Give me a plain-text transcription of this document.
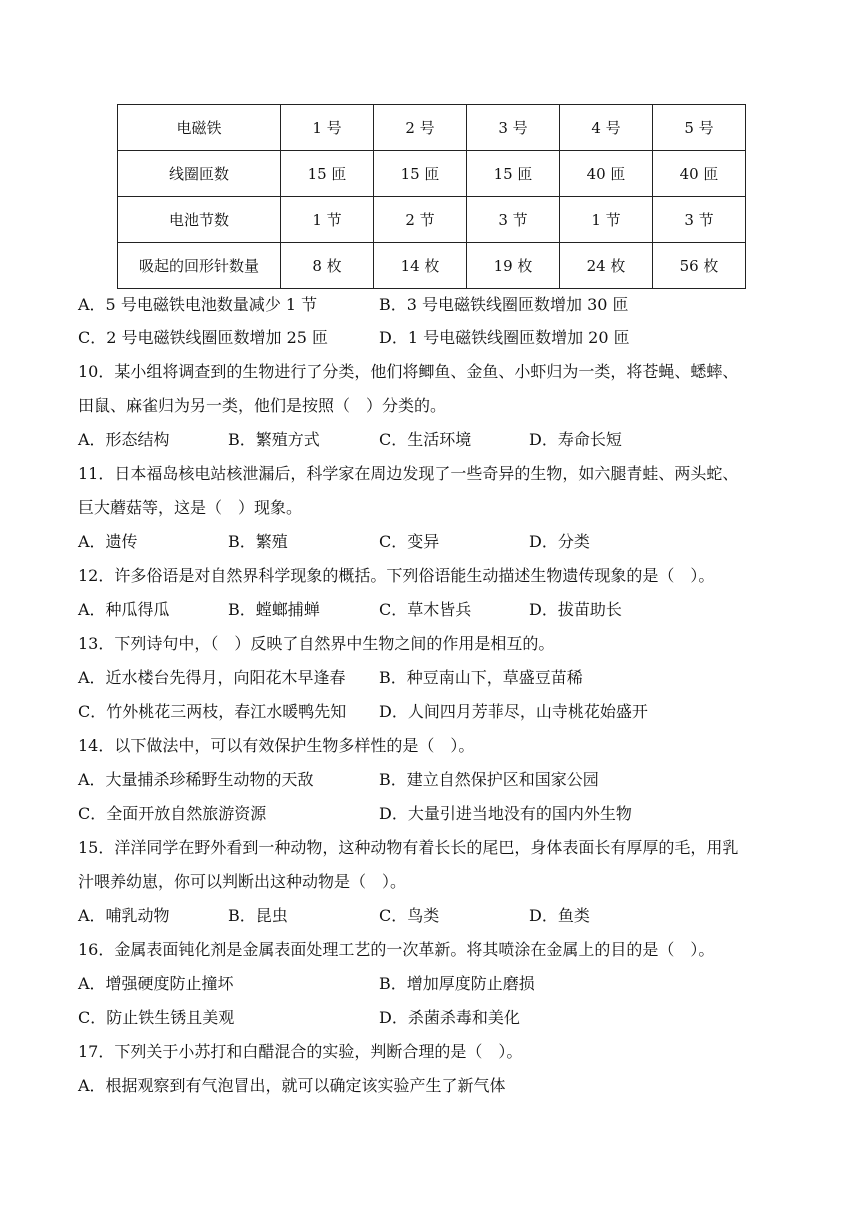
电磁铁	1 号	2 号	3 号	4 号	5 号
线圈匝数	15 匝	15 匝	15 匝	40 匝	40 匝
电池节数	1 节	2 节	3 节	1 节	3 节
吸起的回形针数量	8 枚	14 枚	19 枚	24 枚	56 枚
A．5 号电磁铁电池数量减少 1 节	B．3 号电磁铁线圈匝数增加 30 匝
C．2 号电磁铁线圈匝数增加 25 匝	D．1 号电磁铁线圈匝数增加 20 匝
10．某小组将调查到的生物进行了分类，他们将鲫鱼、金鱼、小虾归为一类，将苍蝇、蟋蟀、
田鼠、麻雀归为另一类，他们是按照（　）分类的。
A．形态结构	B．繁殖方式	C．生活环境	D．寿命长短
11．日本福岛核电站核泄漏后，科学家在周边发现了一些奇异的生物，如六腿青蛙、两头蛇、
巨大蘑菇等，这是（　）现象。
A．遗传	B．繁殖	C．变异	D．分类
12．许多俗语是对自然界科学现象的概括。下列俗语能生动描述生物遗传现象的是（　）。
A．种瓜得瓜	B．螳螂捕蝉	C．草木皆兵	D．拔苗助长
13．下列诗句中，（　）反映了自然界中生物之间的作用是相互的。
A．近水楼台先得月，向阳花木早逢春 B．种豆南山下，草盛豆苗稀
C．竹外桃花三两枝，春江水暖鸭先知 D．人间四月芳菲尽，山寺桃花始盛开
14．以下做法中，可以有效保护生物多样性的是（　）。
A．大量捕杀珍稀野生动物的天敌	B．建立自然保护区和国家公园
C．全面开放自然旅游资源	D．大量引进当地没有的国内外生物
15．洋洋同学在野外看到一种动物，这种动物有着长长的尾巴，身体表面长有厚厚的毛，用乳
汁喂养幼崽，你可以判断出这种动物是（　）。
A．哺乳动物	B．昆虫	C．鸟类	D．鱼类
16．金属表面钝化剂是金属表面处理工艺的一次革新。将其喷涂在金属上的目的是（　）。
A．增强硬度防止撞坏	B．增加厚度防止磨损
C．防止铁生锈且美观	D．杀菌杀毒和美化
17．下列关于小苏打和白醋混合的实验，判断合理的是（　）。
A．根据观察到有气泡冒出，就可以确定该实验产生了新气体
